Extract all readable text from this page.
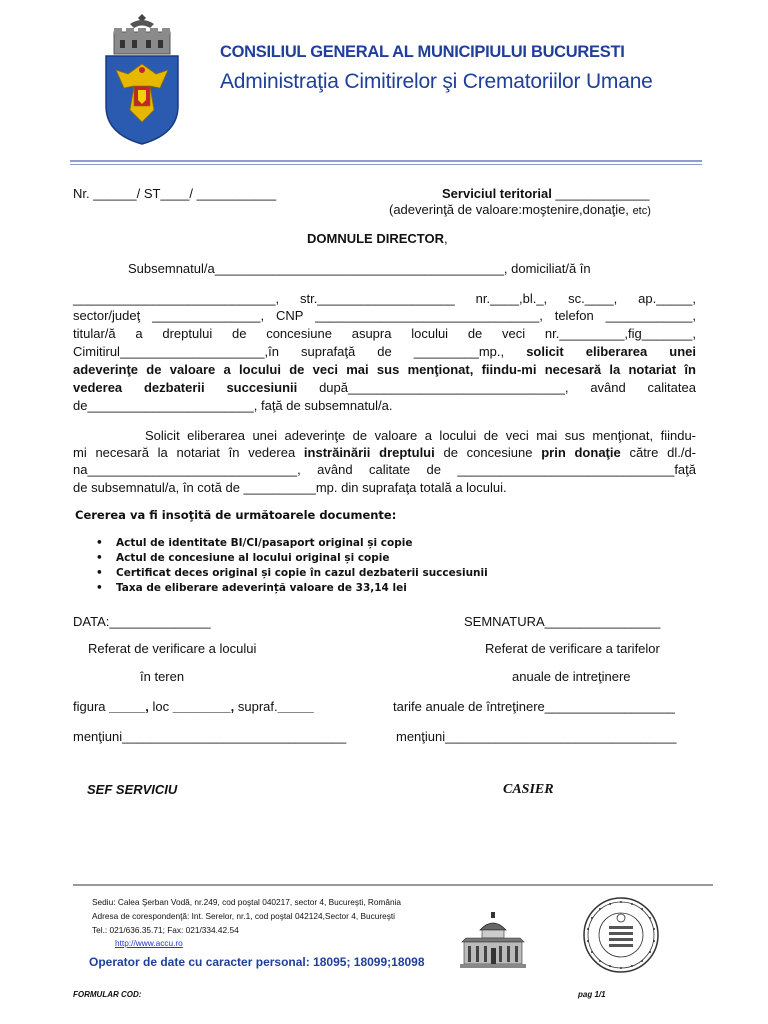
CONSILIUL GENERAL AL MUNICIPIULUI BUCURESTI
Administraţia Cimitirelor şi Crematoriilor Umane
Nr. ______/ ST____/ ___________	Serviciul teritorial _____________
(adeverinţă de valoare:moştenire,donaţie, etc)
DOMNULE DIRECTOR,
Subsemnatul/a________________________________________, domiciliat/ă în
____________________________, str.___________________ nr.____,bl._, sc.____, ap._____,
sector/judeţ _______________, CNP _______________________________, telefon ____________,
titular/ă a dreptului de concesiune asupra locului de veci nr._________,fig_______,
Cimitirul____________________,în suprafaţă de _________mp., solicit eliberarea unei
adeverinţe de valoare a locului de veci mai sus menţionat, fiindu-mi necesară la notariat în
vederea dezbaterii succesiunii după______________________________, având calitatea
de_______________________, faţă de subsemnatul/a.
Solicit eliberarea unei adeverinţe de valoare a locului de veci mai sus menţionat, fiindu-
mi necesară la notariat în vederea instrăinării dreptului de concesiune prin donaţie către dl./d-
na_____________________________, având calitate de ______________________________faţă
de subsemnatul/a, în cotă de __________mp. din suprafaţa totală a locului.
Cererea va fi insoţită de următoarele documente:
• Actul de identitate BI/CI/pasaport original și copie
• Actul de concesiune al locului original și copie
• Certificat deces original și copie în cazul dezbaterii succesiunii
• Taxa de eliberare adeverință valoare de 33,14 lei
DATA:______________	SEMNATURA________________
Referat de verificare a locului
în teren
Referat de verificare a tarifelor
anuale de intreţinere
figura _____, loc ________, supraf._____	tarife anuale de întreţinere__________________
menţiuni_______________________________	menţiuni________________________________
SEF SERVICIU	CASIER
Sediu: Calea Şerban Vodă, nr.249, cod poştal 040217, sector 4, Bucureşti, România
Adresa de corespondenţă: Int. Serelor, nr.1, cod poştal 042124,Sector 4, Bucureşti
Tel.: 021/636.35.71; Fax: 021/334.42.54
http://www.accu.ro
Operator de date cu caracter personal: 18095; 18099;18098
FORMULAR COD:	pag 1/1
